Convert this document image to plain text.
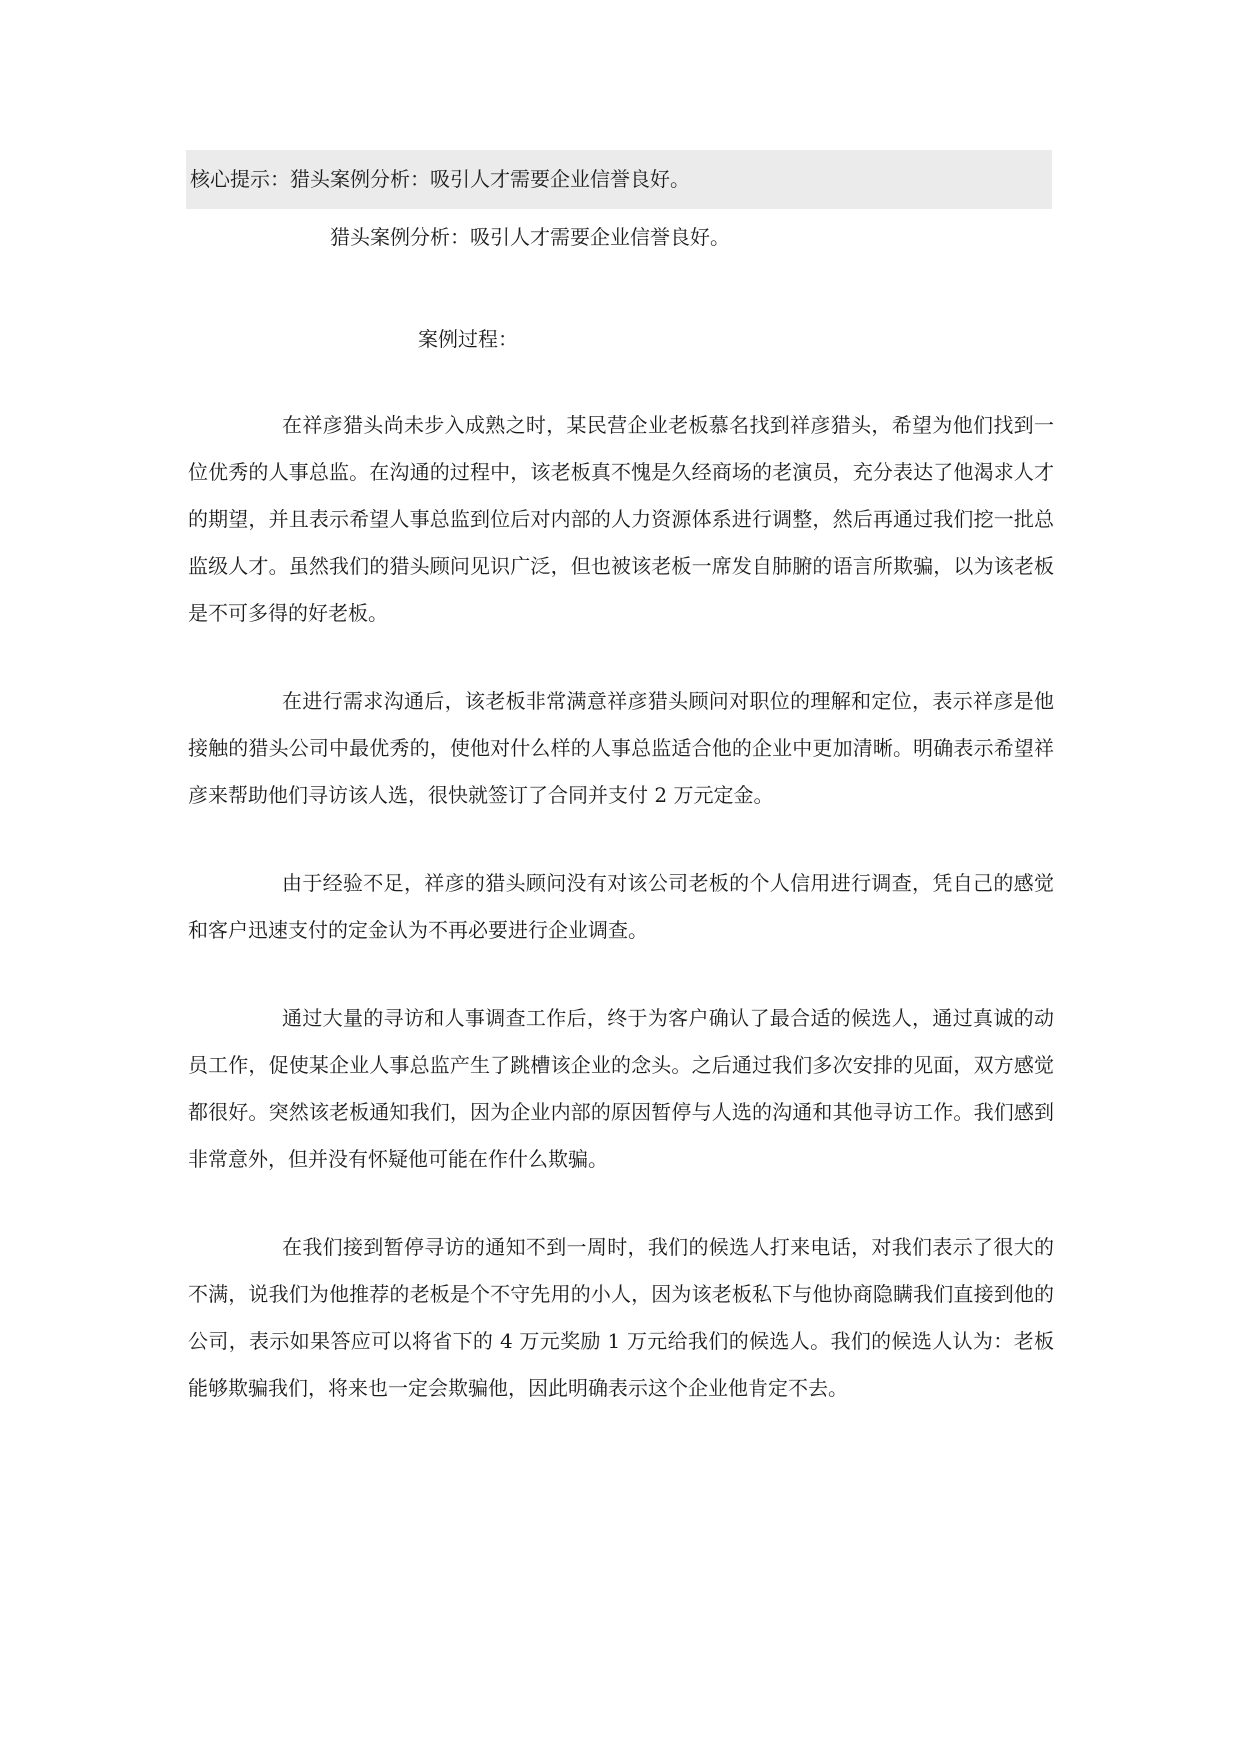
核心提示：猎头案例分析：吸引人才需要企业信誉良好。
猎头案例分析：吸引人才需要企业信誉良好。
案例过程：

在祥彦猎头尚未步入成熟之时，某民营企业老板慕名找到祥彦猎头，希望为他们找到一位优秀的人事总监。在沟通的过程中，该老板真不愧是久经商场的老演员，充分表达了他渴求人才的期望，并且表示希望人事总监到位后对内部的人力资源体系进行调整，然后再通过我们挖一批总监级人才。虽然我们的猎头顾问见识广泛，但也被该老板一席发自肺腑的语言所欺骗，以为该老板是不可多得的好老板。

在进行需求沟通后，该老板非常满意祥彦猎头顾问对职位的理解和定位，表示祥彦是他接触的猎头公司中最优秀的，使他对什么样的人事总监适合他的企业中更加清晰。明确表示希望祥彦来帮助他们寻访该人选，很快就签订了合同并支付 2 万元定金。

由于经验不足，祥彦的猎头顾问没有对该公司老板的个人信用进行调查，凭自己的感觉和客户迅速支付的定金认为不再必要进行企业调查。

通过大量的寻访和人事调查工作后，终于为客户确认了最合适的候选人，通过真诚的动员工作，促使某企业人事总监产生了跳槽该企业的念头。之后通过我们多次安排的见面，双方感觉都很好。突然该老板通知我们，因为企业内部的原因暂停与人选的沟通和其他寻访工作。我们感到非常意外，但并没有怀疑他可能在作什么欺骗。

在我们接到暂停寻访的通知不到一周时，我们的候选人打来电话，对我们表示了很大的不满，说我们为他推荐的老板是个不守先用的小人，因为该老板私下与他协商隐瞒我们直接到他的公司，表示如果答应可以将省下的 4 万元奖励 1 万元给我们的候选人。我们的候选人认为：老板能够欺骗我们，将来也一定会欺骗他，因此明确表示这个企业他肯定不去。
